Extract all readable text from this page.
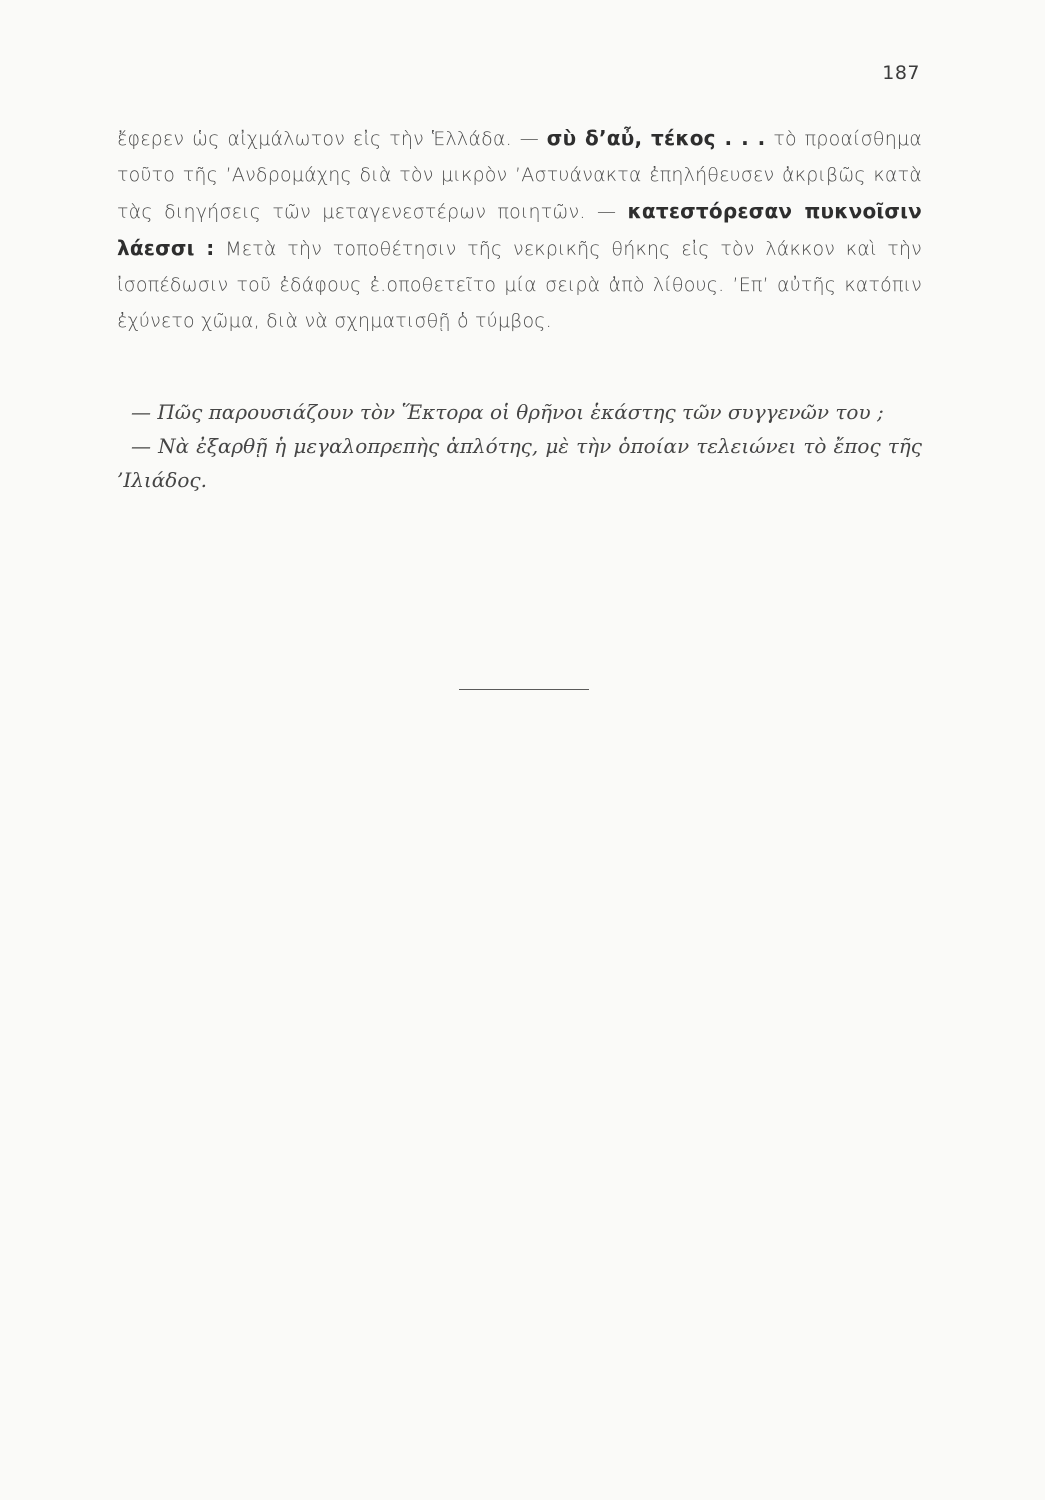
187

ἔφερεν ὡς αἰχμάλωτον εἰς τὴν Ἑλλάδα. — σὺ δ’αὖ, τέκος . . . τὸ προαίσθημα τοῦτο τῆς ’Ανδρομάχης διὰ τὸν μικρὸν ’Αστυάνακτα ἐπηλήθευσεν ἀκριβῶς κατὰ τὰς διηγήσεις τῶν μεταγενεστέρων ποιητῶν. — κατεστόρεσαν πυκνοῖσιν λάεσσι : Μετὰ τὴν τοποθέτησιν τῆς νεκρικῆς θήκης εἰς τὸν λάκκον καὶ τὴν ἰσοπέδωσιν τοῦ ἐδάφους ἐ.οποθετεῖτο μία σειρὰ ἀπὸ λίθους. ’Επ’ αὐτῆς κατόπιν ἐχύνετο χῶμα, διὰ νὰ σχηματισθῇ ὁ τύμβος.

— Πῶς παρουσιάζουν τὸν Ἕκτορα οἱ θρῆνοι ἑκάστης τῶν συγγενῶν του ;

— Νὰ ἐξαρθῇ ἡ μεγαλοπρεπὴς ἁπλότης, μὲ τὴν ὁποίαν τελειώνει τὸ ἔπος τῆς ’Ιλιάδος.
